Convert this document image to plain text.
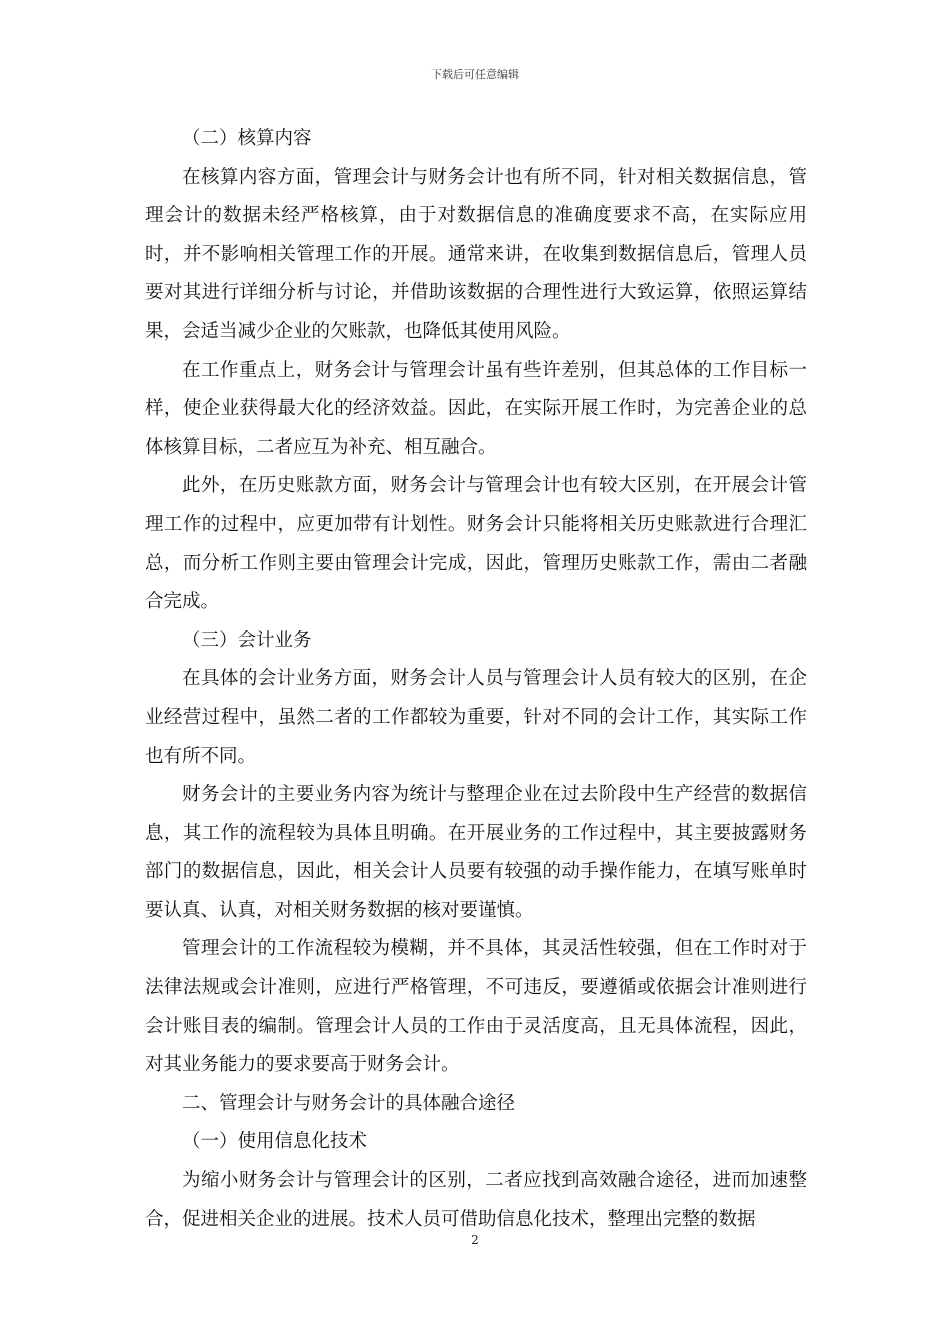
下载后可任意编辑

（二）核算内容

在核算内容方面，管理会计与财务会计也有所不同，针对相关数据信息，管理会计的数据未经严格核算，由于对数据信息的准确度要求不高，在实际应用时，并不影响相关管理工作的开展。通常来讲，在收集到数据信息后，管理人员要对其进行详细分析与讨论，并借助该数据的合理性进行大致运算，依照运算结果，会适当减少企业的欠账款，也降低其使用风险。

在工作重点上，财务会计与管理会计虽有些许差别，但其总体的工作目标一样，使企业获得最大化的经济效益。因此，在实际开展工作时，为完善企业的总体核算目标，二者应互为补充、相互融合。

此外，在历史账款方面，财务会计与管理会计也有较大区别，在开展会计管理工作的过程中，应更加带有计划性。财务会计只能将相关历史账款进行合理汇总，而分析工作则主要由管理会计完成，因此，管理历史账款工作，需由二者融合完成。

（三）会计业务

在具体的会计业务方面，财务会计人员与管理会计人员有较大的区别，在企业经营过程中，虽然二者的工作都较为重要，针对不同的会计工作，其实际工作也有所不同。

财务会计的主要业务内容为统计与整理企业在过去阶段中生产经营的数据信息，其工作的流程较为具体且明确。在开展业务的工作过程中，其主要披露财务部门的数据信息，因此，相关会计人员要有较强的动手操作能力，在填写账单时要认真、认真，对相关财务数据的核对要谨慎。

管理会计的工作流程较为模糊，并不具体，其灵活性较强，但在工作时对于法律法规或会计准则，应进行严格管理，不可违反，要遵循或依据会计准则进行会计账目表的编制。管理会计人员的工作由于灵活度高，且无具体流程，因此，对其业务能力的要求要高于财务会计。

二、管理会计与财务会计的具体融合途径

（一）使用信息化技术

为缩小财务会计与管理会计的区别，二者应找到高效融合途径，进而加速整合，促进相关企业的进展。技术人员可借助信息化技术，整理出完整的数据

2
